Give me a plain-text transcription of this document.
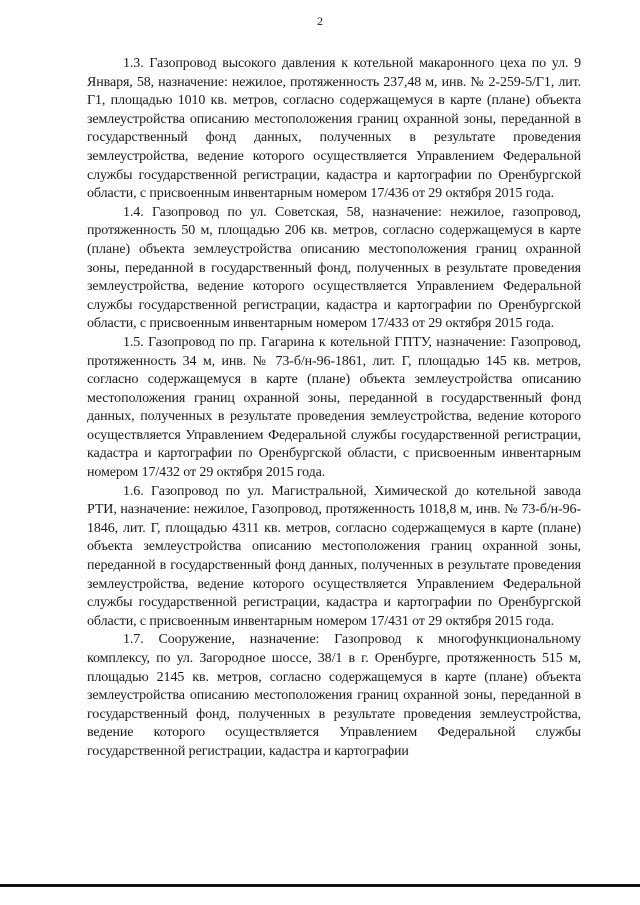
2

1.3. Газопровод высокого давления к котельной макаронного цеха по ул. 9 Января, 58, назначение: нежилое, протяженность 237,48 м, инв. № 2-259-5/Г1, лит. Г1, площадью 1010 кв. метров, согласно содержащемуся в карте (плане) объекта землеустройства описанию местоположения границ охранной зоны, переданной в государственный фонд данных, полученных в результате проведения землеустройства, ведение которого осуществляется Управлением Федеральной службы государственной регистрации, кадастра и картографии по Оренбургской области, с присвоенным инвентарным номером 17/436 от 29 октября 2015 года.

1.4. Газопровод по ул. Советская, 58, назначение: нежилое, газопровод, протяженность 50 м, площадью 206 кв. метров, согласно содержащемуся в карте (плане) объекта землеустройства описанию местоположения границ охранной зоны, переданной в государственный фонд, полученных в результате проведения землеустройства, ведение которого осуществляется Управлением Федеральной службы государственной регистрации, кадастра и картографии по Оренбургской области, с присвоенным инвентарным номером 17/433 от 29 октября 2015 года.

1.5. Газопровод по пр. Гагарина к котельной ГПТУ, назначение: Газопровод, протяженность 34 м, инв. № 73-б/н-96-1861, лит. Г, площадью 145 кв. метров, согласно содержащемуся в карте (плане) объекта землеустройства описанию местоположения границ охранной зоны, переданной в государственный фонд данных, полученных в результате проведения землеустройства, ведение которого осуществляется Управлением Федеральной службы государственной регистрации, кадастра и картографии по Оренбургской области, с присвоенным инвентарным номером 17/432 от 29 октября 2015 года.

1.6. Газопровод по ул. Магистральной, Химической до котельной завода РТИ, назначение: нежилое, Газопровод, протяженность 1018,8 м, инв. № 73-б/н-96-1846, лит. Г, площадью 4311 кв. метров, согласно содержащемуся в карте (плане) объекта землеустройства описанию местоположения границ охранной зоны, переданной в государственный фонд данных, полученных в результате проведения землеустройства, ведение которого осуществляется Управлением Федеральной службы государственной регистрации, кадастра и картографии по Оренбургской области, с присвоенным инвентарным номером 17/431 от 29 октября 2015 года.

1.7. Сооружение, назначение: Газопровод к многофункциональному комплексу, по ул. Загородное шоссе, 38/1 в г. Оренбурге, протяженность 515 м, площадью 2145 кв. метров, согласно содержащемуся в карте (плане) объекта землеустройства описанию местоположения границ охранной зоны, переданной в государственный фонд, полученных в результате проведения землеустройства, ведение которого осуществляется Управлением Федеральной службы государственной регистрации, кадастра и картографии
